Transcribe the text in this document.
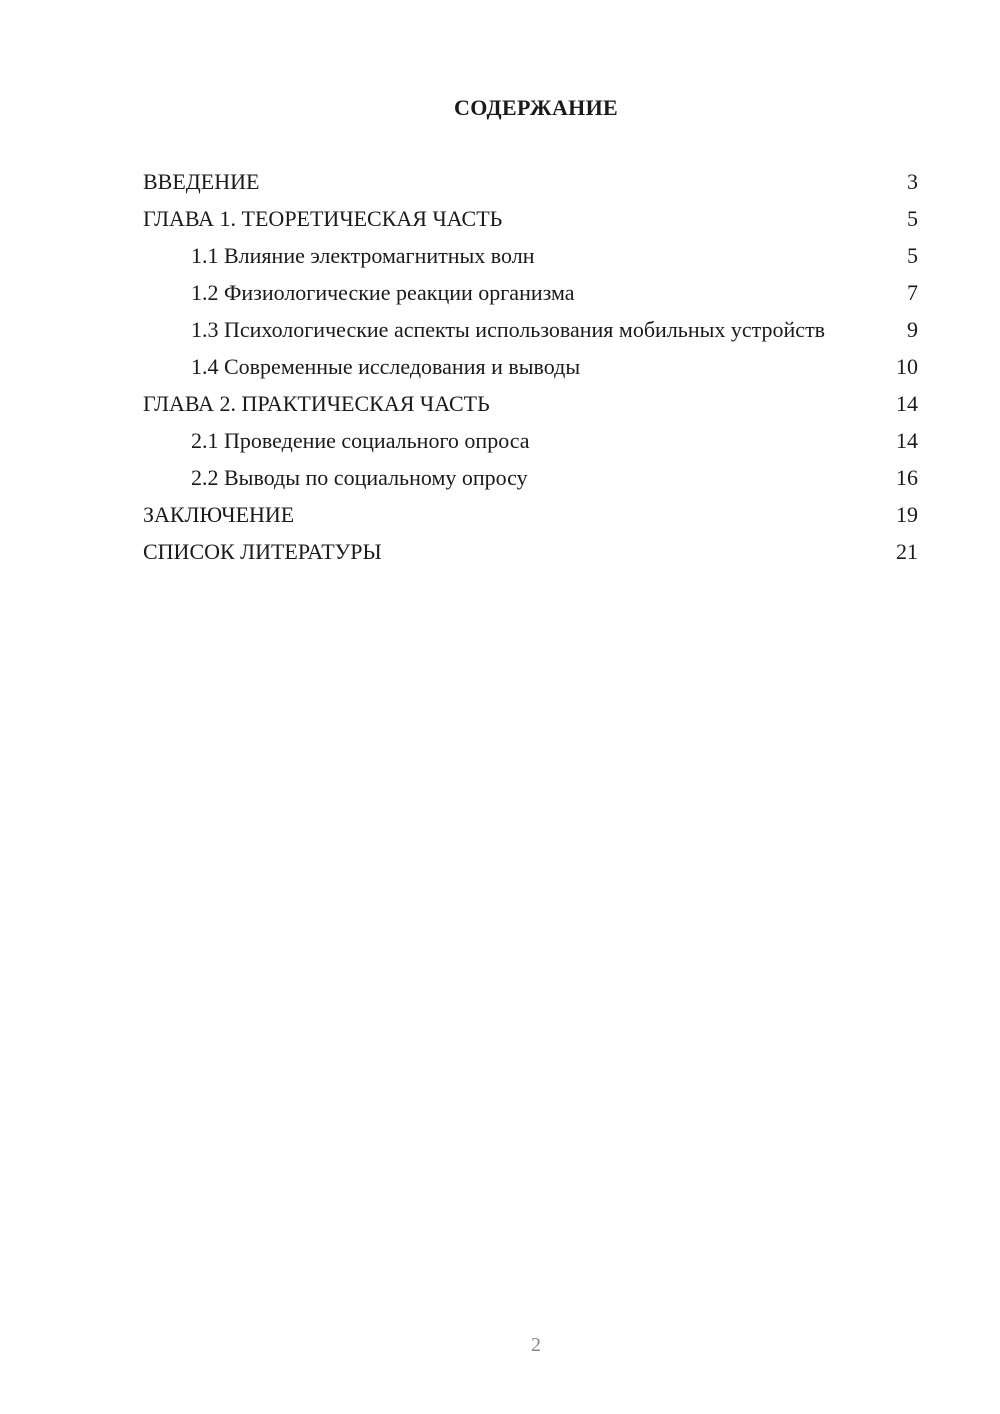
СОДЕРЖАНИЕ
ВВЕДЕНИЕ	3
ГЛАВА 1. ТЕОРЕТИЧЕСКАЯ ЧАСТЬ	5
1.1 Влияние электромагнитных волн	5
1.2 Физиологические реакции организма	7
1.3 Психологические аспекты использования мобильных устройств	9
1.4 Современные исследования и выводы	10
ГЛАВА 2. ПРАКТИЧЕСКАЯ ЧАСТЬ	14
2.1 Проведение социального опроса	14
2.2 Выводы по социальному опросу	16
ЗАКЛЮЧЕНИЕ	19
СПИСОК ЛИТЕРАТУРЫ	21
2
